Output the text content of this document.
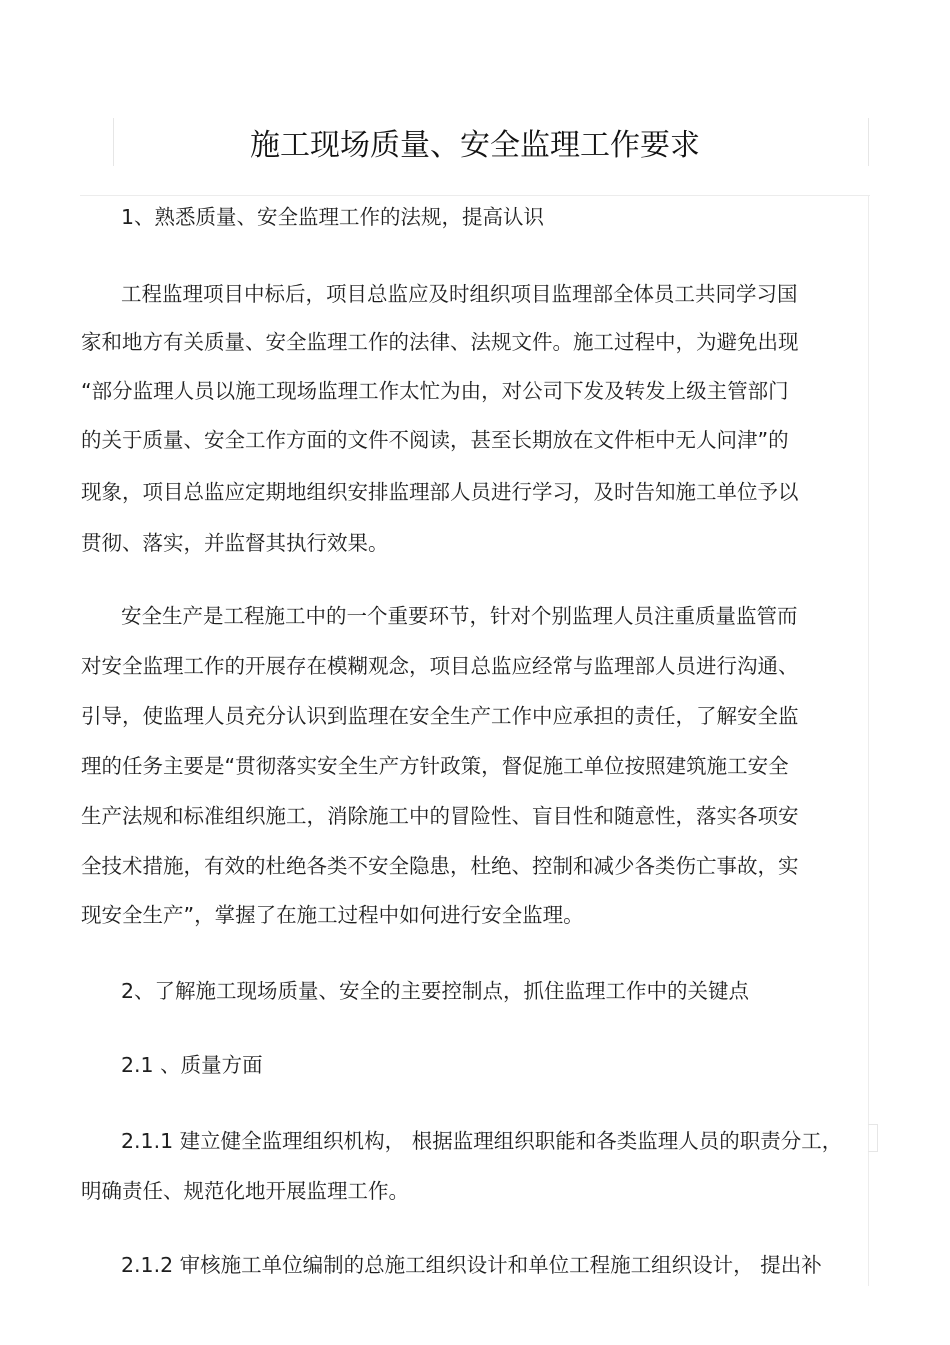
施工现场质量、安全监理工作要求
1、熟悉质量、安全监理工作的法规，提高认识
工程监理项目中标后，项目总监应及时组织项目监理部全体员工共同学习国
家和地方有关质量、安全监理工作的法律、法规文件。施工过程中，为避免出现
“部分监理人员以施工现场监理工作太忙为由，对公司下发及转发上级主管部门
的关于质量、安全工作方面的文件不阅读，甚至长期放在文件柜中无人问津”的
现象，项目总监应定期地组织安排监理部人员进行学习，及时告知施工单位予以
贯彻、落实，并监督其执行效果。
安全生产是工程施工中的一个重要环节，针对个别监理人员注重质量监管而
对安全监理工作的开展存在模糊观念，项目总监应经常与监理部人员进行沟通、
引导，使监理人员充分认识到监理在安全生产工作中应承担的责任，了解安全监
理的任务主要是“贯彻落实安全生产方针政策，督促施工单位按照建筑施工安全
生产法规和标准组织施工，消除施工中的冒险性、盲目性和随意性，落实各项安
全技术措施，有效的杜绝各类不安全隐患，杜绝、控制和减少各类伤亡事故，实
现安全生产”，掌握了在施工过程中如何进行安全监理。
2、了解施工现场质量、安全的主要控制点，抓住监理工作中的关键点
2.1 、质量方面
2.1.1 建立健全监理组织机构， 根据监理组织职能和各类监理人员的职责分工，
明确责任、规范化地开展监理工作。
2.1.2 审核施工单位编制的总施工组织设计和单位工程施工组织设计， 提出补
